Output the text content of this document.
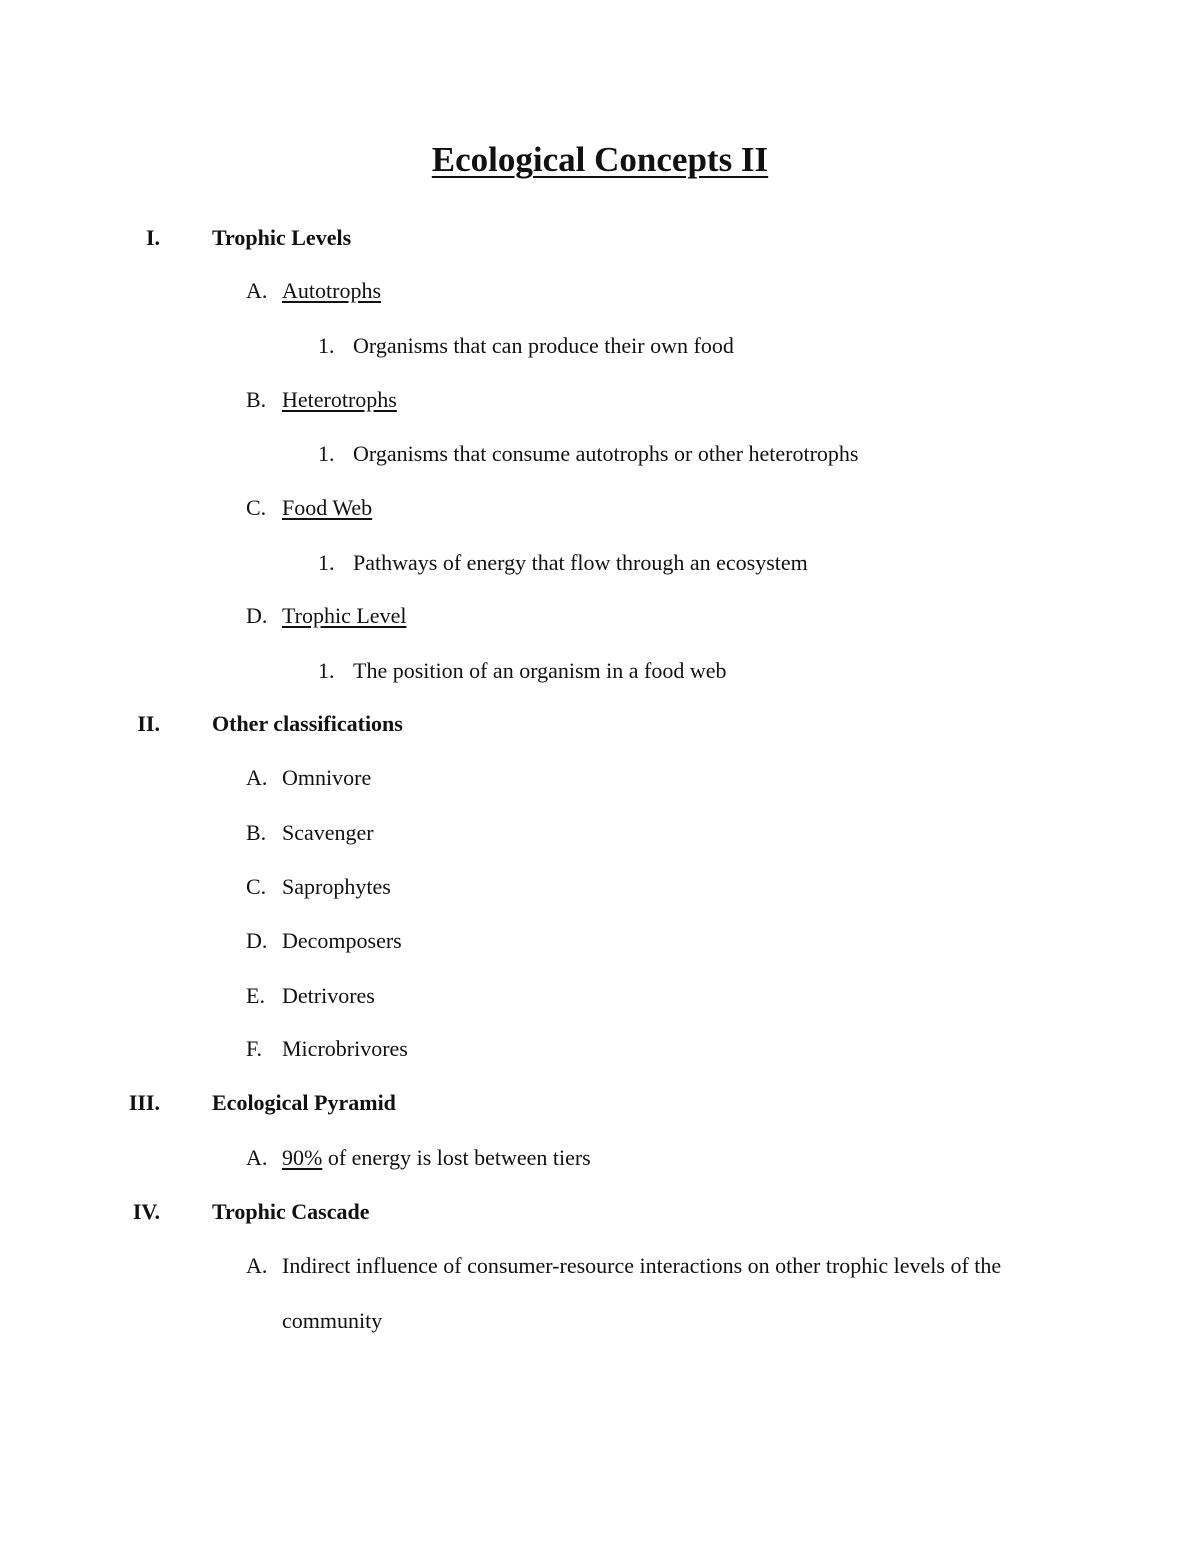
Ecological Concepts II
I. Trophic Levels
A. Autotrophs
1. Organisms that can produce their own food
B. Heterotrophs
1. Organisms that consume autotrophs or other heterotrophs
C. Food Web
1. Pathways of energy that flow through an ecosystem
D. Trophic Level
1. The position of an organism in a food web
II. Other classifications
A. Omnivore
B. Scavenger
C. Saprophytes
D. Decomposers
E. Detrivores
F. Microbrivores
III. Ecological Pyramid
A. 90% of energy is lost between tiers
IV. Trophic Cascade
A. Indirect influence of consumer-resource interactions on other trophic levels of the
community
